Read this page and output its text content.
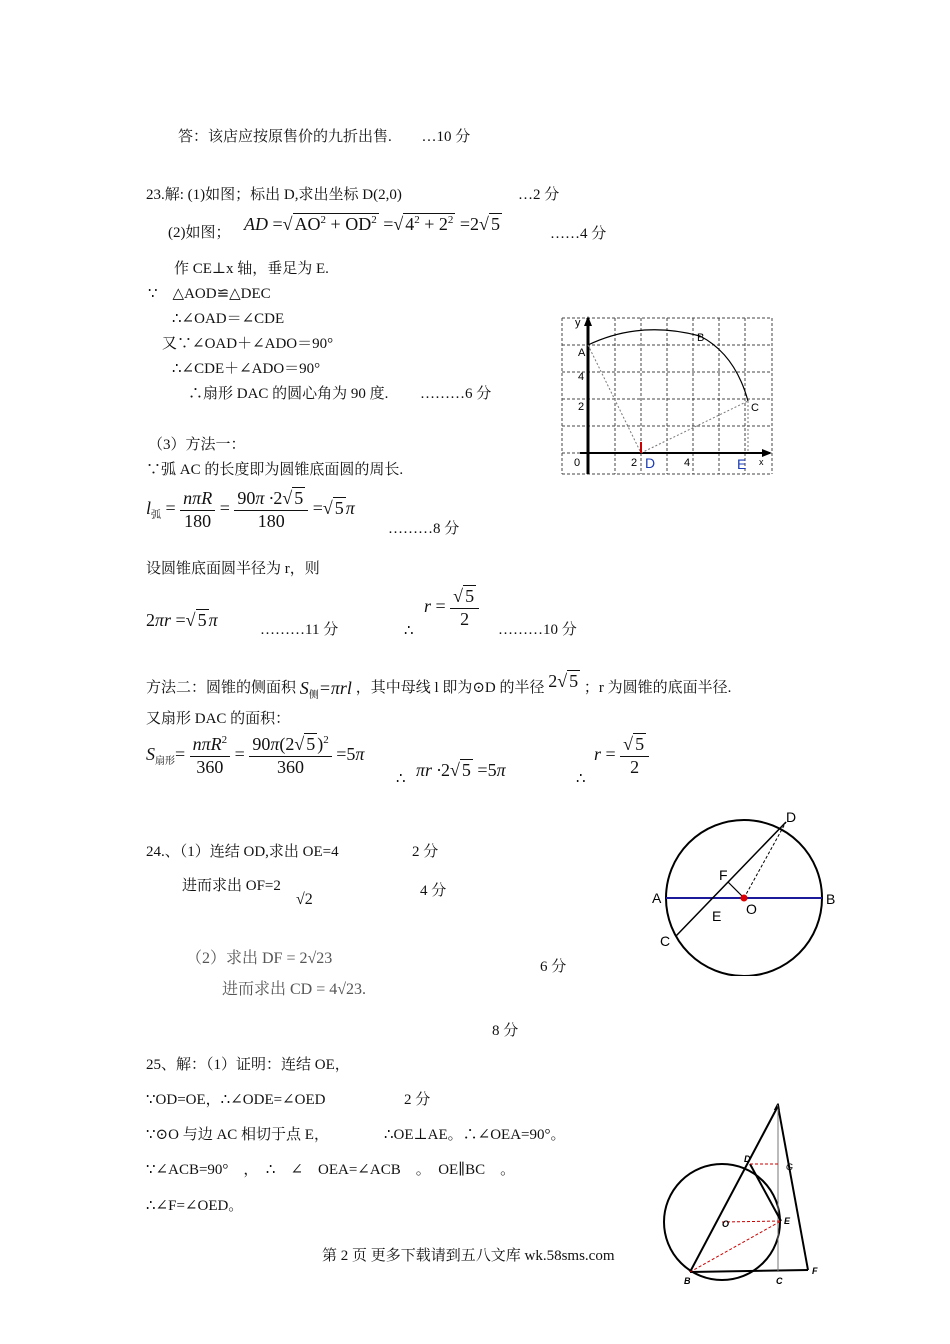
答：该店应按原售价的九折出售. …10 分
23.解: (1)如图；标出 D,求出坐标 D(2,0)	…2 分
(2)如图； AD =√ $AO^2 + OD^2$ =√ $4^2 + 2^2 =2√$ 5	……4 分
作 CE⊥x 轴，垂足为 E.
∵　△AOD≌△DEC
∴∠OAD＝∠CDE
又∵∠OAD＋∠ADO＝90°
∴∠CDE＋∠ADO＝90°
∴扇形 DAC 的圆心角为 90 度. ………6 分
y
A
4
B
2	C
0	2 D	4	E x
（3）方法一：
∵弧 AC 的长度即为圆锥底面圆的周长.
$l_弧 = \frac{\text{nπR}}{180} = \frac{90\pi \cdot 2√ 5}{180}$ =√ 5 π
………8 分
设圆锥底面圆半径为 r，则
2πr =√ 5 π	………11 分	∴
$r = \frac{√ 5}{2}$ ………10 分
方法二：圆锥的侧面积 $S_侧=\pi rl$ ，其中母线 l 即为⊙D 的半径 2√ 5 ；r 为圆锥的底面半径.
又扇形 DAC 的面积：
$S_{扇形}= \frac{n\pi R^2}{360} = \frac{90\pi(2√ 5 )^2}{360} =5\pi$
∴ πr ·2√ 5 =5π	∴
$r = \frac{√ 5}{2}$
24.、（1）连结 OD,求出 OE=4	2 分
进而求出 OF=2
√2	4 分
（2）求出 DF = 2√23
进而求出 CD = 4√23.
6 分
8 分
D
F
A
E O
B
C
25、解：（1）证明：连结 OE，
∵OD=OE，∴∠ODE=∠OED	2 分
∵⊙O 与边 AC 相切于点 E，	∴OE⊥AE。∴∠OEA=90°。
∵∠ACB=90°　，　∴　∠　OEA=∠ACB　。　OE∥BC　。
∴∠F=∠OED。
A
D
G
O	E
B	C
F
第 2 页 更多下载请到五八文库 wk.58sms.com
